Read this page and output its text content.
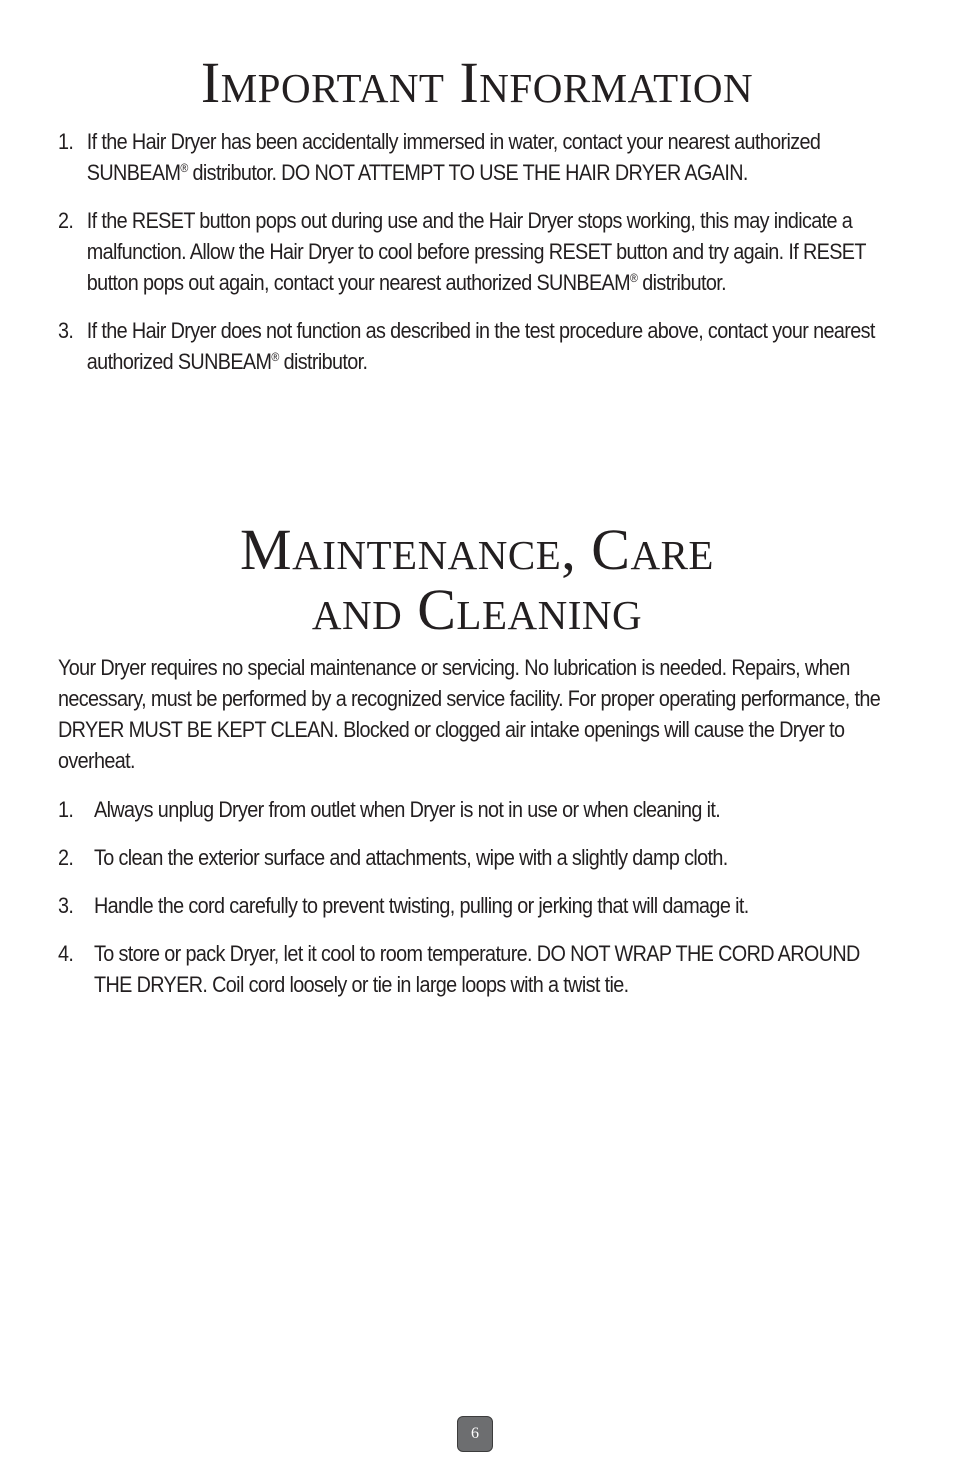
Important Information
1. If the Hair Dryer has been accidentally immersed in water, contact your nearest authorized SUNBEAM® distributor. DO NOT ATTEMPT TO USE THE HAIR DRYER AGAIN.
2. If the RESET button pops out during use and the Hair Dryer stops working, this may indicate a malfunction. Allow the Hair Dryer to cool before pressing RESET button and try again. If RESET button pops out again, contact your nearest authorized SUNBEAM® distributor.
3. If the Hair Dryer does not function as described in the test procedure above, contact your nearest authorized SUNBEAM® distributor.
Maintenance, Care
and Cleaning

Your Dryer requires no special maintenance or servicing. No lubrication is needed. Repairs, when necessary, must be performed by a recognized service facility. For proper operating performance, the DRYER MUST BE KEPT CLEAN. Blocked or clogged air intake openings will cause the Dryer to overheat.

1. Always unplug Dryer from outlet when Dryer is not in use or when cleaning it.
2. To clean the exterior surface and attachments, wipe with a slightly damp cloth.
3. Handle the cord carefully to prevent twisting, pulling or jerking that will damage it.
4. To store or pack Dryer, let it cool to room temperature. DO NOT WRAP THE CORD AROUND THE DRYER. Coil cord loosely or tie in large loops with a twist tie.
6
